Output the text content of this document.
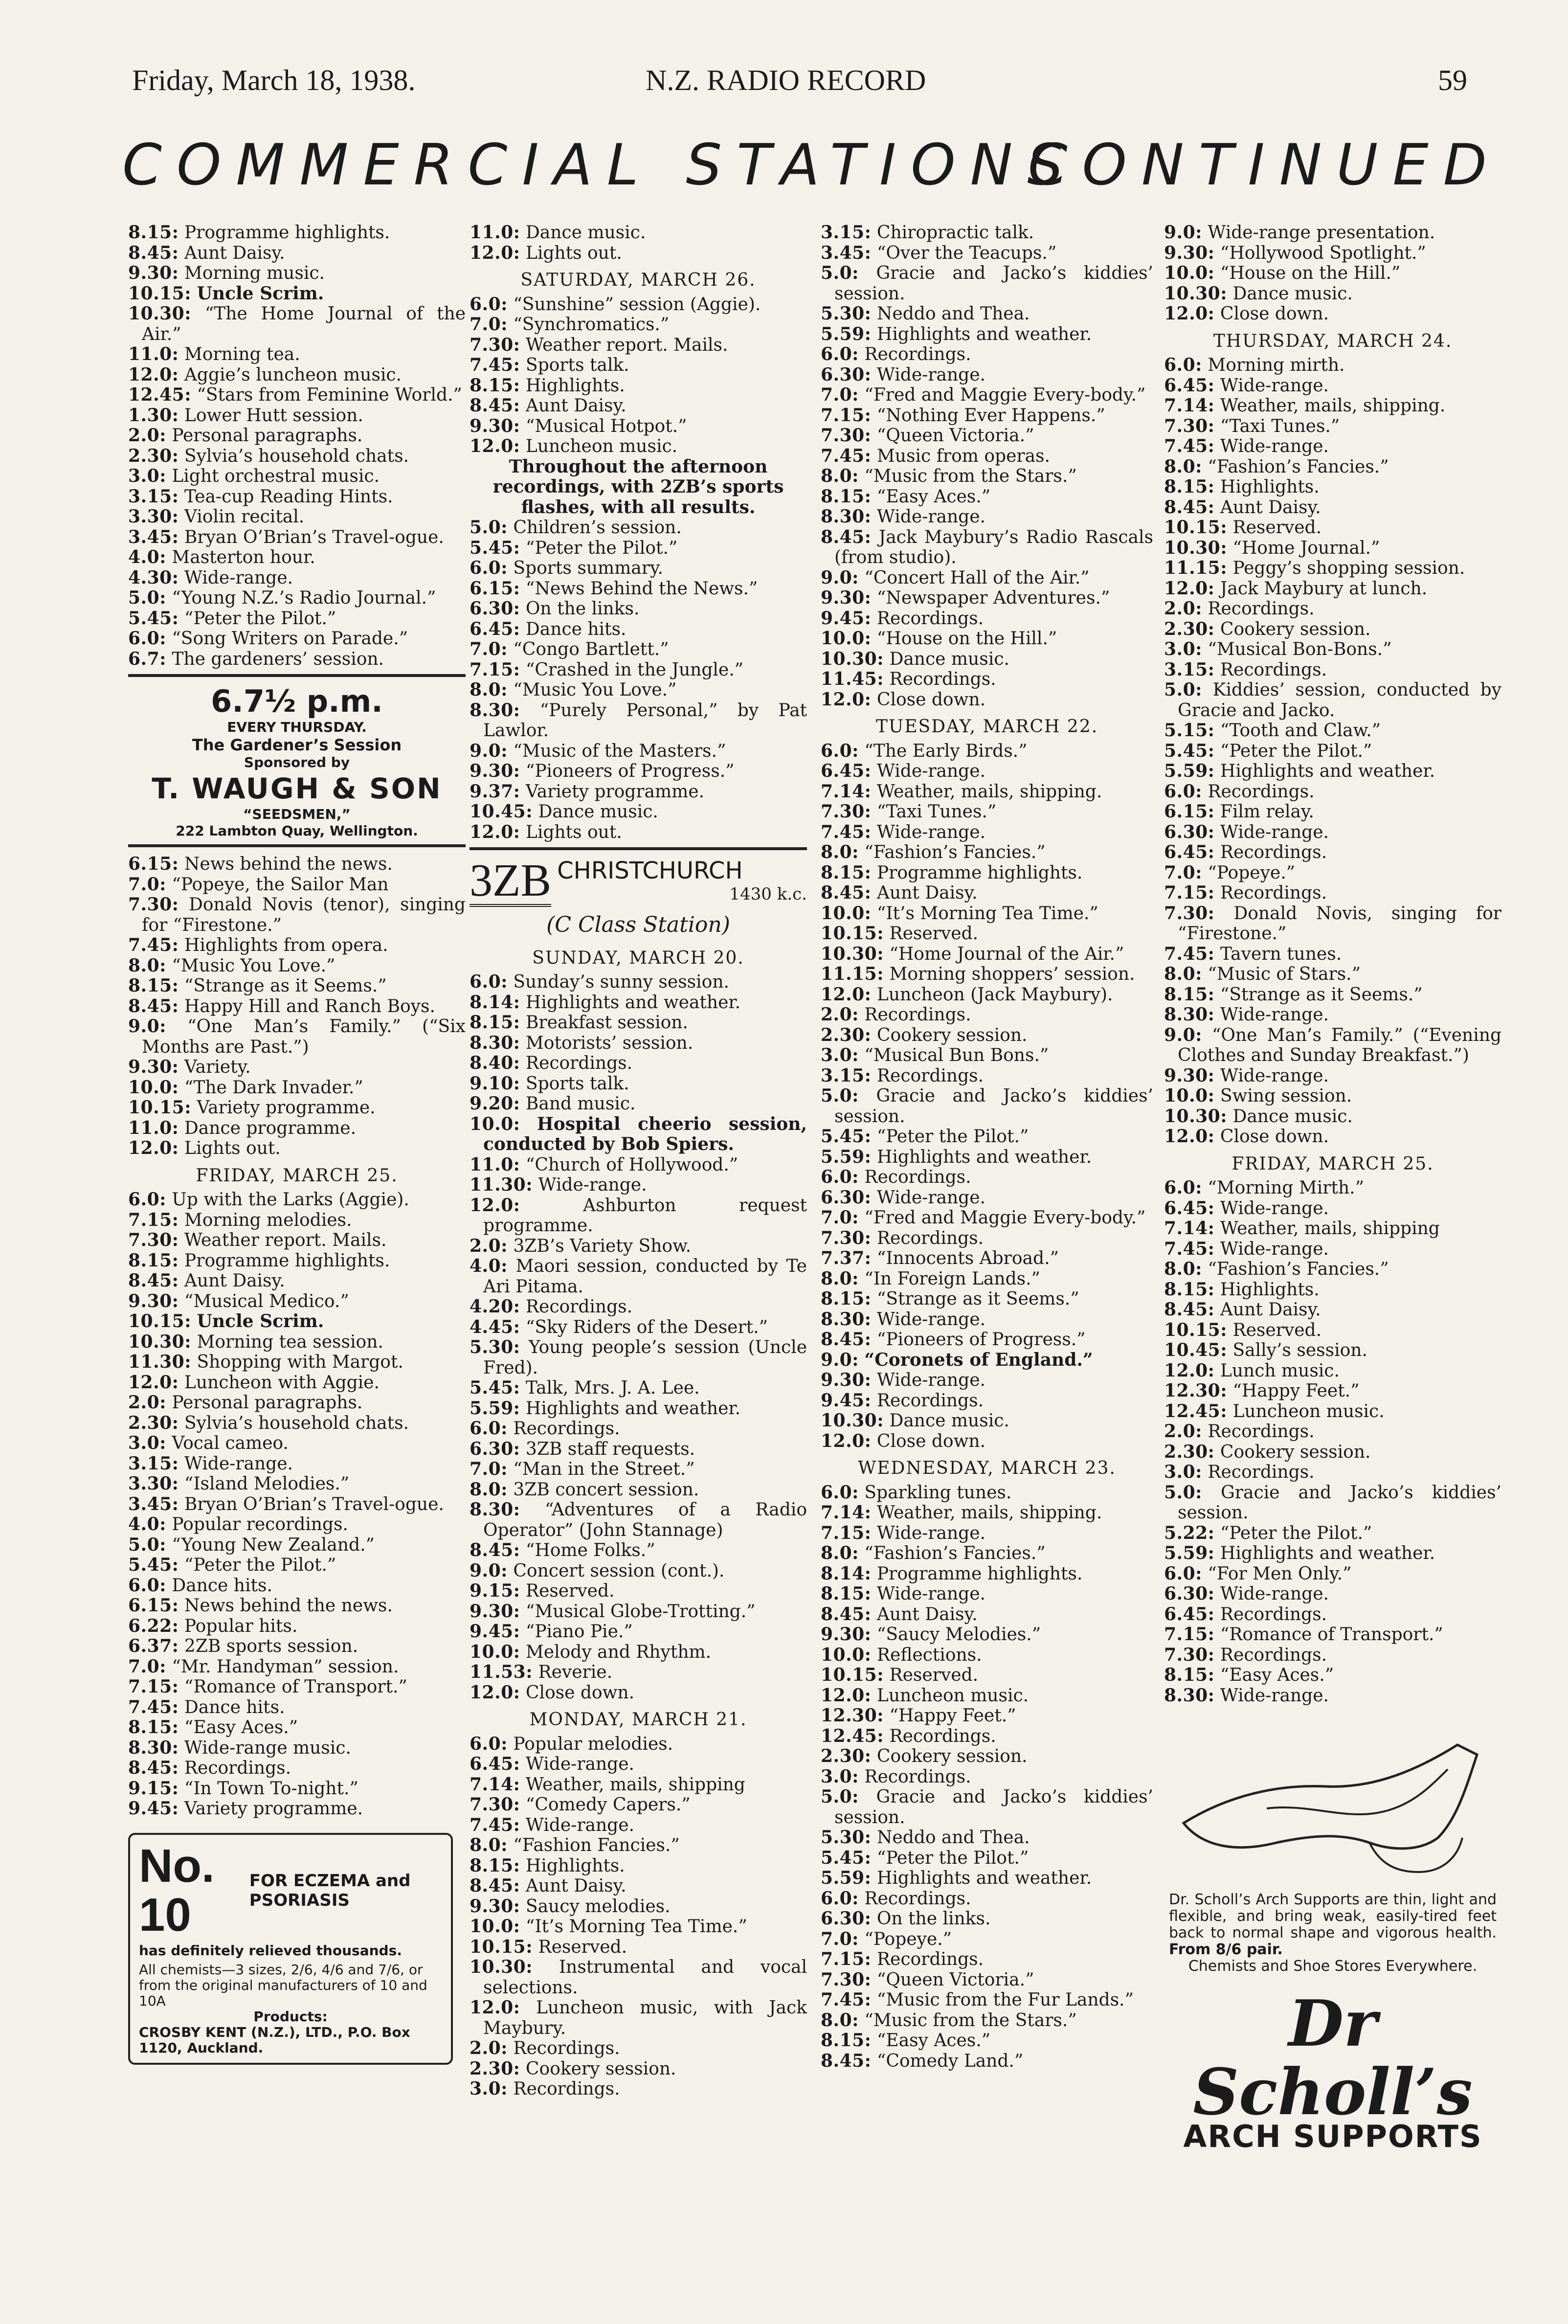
Friday, March 18, 1938.	N.Z. RADIO RECORD	59
COMMERCIAL STATIONS
CONTINUED
8.15: Programme highlights.
8.45: Aunt Daisy.
9.30: Morning music.
10.15: Uncle Scrim.
10.30: “The Home Journal of the Air.”
11.0: Morning tea.
12.0: Aggie’s luncheon music.
12.45: “Stars from Feminine World.”
1.30: Lower Hutt session.
2.0: Personal paragraphs.
2.30: Sylvia’s household chats.
3.0: Light orchestral music.
3.15: Tea-cup Reading Hints.
3.30: Violin recital.
3.45: Bryan O’Brian’s Travel-ogue.
4.0: Masterton hour.
4.30: Wide-range.
5.0: “Young N.Z.’s Radio Journal.”
5.45: “Peter the Pilot.”
6.0: “Song Writers on Parade.”
6.7: The gardeners’ session.
6.7½ p.m.
EVERY THURSDAY.
The Gardener’s Session
Sponsored by
T. WAUGH & SON
“SEEDSMEN,”
222 Lambton Quay, Wellington.
6.15: News behind the news.
7.0: “Popeye, the Sailor Man
7.30: Donald Novis (tenor), singing for “Firestone.”
7.45: Highlights from opera.
8.0: “Music You Love.”
8.15: “Strange as it Seems.”
8.45: Happy Hill and Ranch Boys.
9.0: “One Man’s Family.” (“Six Months are Past.”)
9.30: Variety.
10.0: “The Dark Invader.”
10.15: Variety programme.
11.0: Dance programme.
12.0: Lights out.
FRIDAY, MARCH 25.
6.0: Up with the Larks (Aggie).
7.15: Morning melodies.
7.30: Weather report. Mails.
8.15: Programme highlights.
8.45: Aunt Daisy.
9.30: “Musical Medico.”
10.15: Uncle Scrim.
10.30: Morning tea session.
11.30: Shopping with Margot.
12.0: Luncheon with Aggie.
2.0: Personal paragraphs.
2.30: Sylvia’s household chats.
3.0: Vocal cameo.
3.15: Wide-range.
3.30: “Island Melodies.”
3.45: Bryan O’Brian’s Travel-ogue.
4.0: Popular recordings.
5.0: “Young New Zealand.”
5.45: “Peter the Pilot.”
6.0: Dance hits.
6.15: News behind the news.
6.22: Popular hits.
6.37: 2ZB sports session.
7.0: “Mr. Handyman” session.
7.15: “Romance of Transport.”
7.45: Dance hits.
8.15: “Easy Aces.”
8.30: Wide-range music.
8.45: Recordings.
9.15: “In Town To-night.”
9.45: Variety programme.
No. 10
FOR ECZEMA and PSORIASIS
has definitely relieved thousands.
All chemists—3 sizes, 2/6, 4/6 and 7/6, or from the original manufacturers of 10 and 10A
Products:
CROSBY KENT (N.Z.), LTD., P.O. Box 1120, Auckland.
11.0: Dance music.
12.0: Lights out.
SATURDAY, MARCH 26.
6.0: “Sunshine” session (Aggie).
7.0: “Synchromatics.”
7.30: Weather report. Mails.
7.45: Sports talk.
8.15: Highlights.
8.45: Aunt Daisy.
9.30: “Musical Hotpot.”
12.0: Luncheon music.
Throughout the afternoon recordings, with 2ZB’s sports flashes, with all results.
5.0: Children’s session.
5.45: “Peter the Pilot.”
6.0: Sports summary.
6.15: “News Behind the News.”
6.30: On the links.
6.45: Dance hits.
7.0: “Congo Bartlett.”
7.15: “Crashed in the Jungle.”
8.0: “Music You Love.”
8.30: “Purely Personal,” by Pat Lawlor.
9.0: “Music of the Masters.”
9.30: “Pioneers of Progress.”
9.37: Variety programme.
10.45: Dance music.
12.0: Lights out.
3ZB CHRISTCHURCH
1430 k.c.
(C Class Station)
SUNDAY, MARCH 20.
6.0: Sunday’s sunny session.
8.14: Highlights and weather.
8.15: Breakfast session.
8.30: Motorists’ session.
8.40: Recordings.
9.10: Sports talk.
9.20: Band music.
10.0: Hospital cheerio session, conducted by Bob Spiers.
11.0: “Church of Hollywood.”
11.30: Wide-range.
12.0:	Ashburton request programme.
2.0: 3ZB’s Variety Show.
4.0: Maori session, conducted by Te Ari Pitama.
4.20: Recordings.
4.45: “Sky Riders of the Desert.”
5.30: Young people’s session (Uncle Fred).
5.45: Talk, Mrs. J. A. Lee.
5.59: Highlights and weather.
6.0: Recordings.
6.30: 3ZB staff requests.
7.0: “Man in the Street.”
8.0: 3ZB concert session.
8.30: “Adventures of a Radio Operator” (John Stannage)
8.45: “Home Folks.”
9.0: Concert session (cont.).
9.15: Reserved.
9.30: “Musical Globe-Trotting.”
9.45: “Piano Pie.”
10.0: Melody and Rhythm.
11.53: Reverie.
12.0: Close down.
MONDAY, MARCH 21.
6.0: Popular melodies.
6.45: Wide-range.
7.14: Weather, mails, shipping
7.30: “Comedy Capers.”
7.45: Wide-range.
8.0: “Fashion Fancies.”
8.15: Highlights.
8.45: Aunt Daisy.
9.30: Saucy melodies.
10.0: “It’s Morning Tea Time.”
10.15: Reserved.
10.30: Instrumental and vocal selections.
12.0: Luncheon music, with Jack Maybury.
2.0: Recordings.
2.30: Cookery session.
3.0: Recordings.
3.15: Chiropractic talk.
3.45: “Over the Teacups.”
5.0: Gracie and Jacko’s kiddies’ session.
5.30: Neddo and Thea.
5.59: Highlights and weather.
6.0: Recordings.
6.30: Wide-range.
7.0: “Fred and Maggie Every-body.”
7.15: “Nothing Ever Happens.”
7.30: “Queen Victoria.”
7.45: Music from operas.
8.0: “Music from the Stars.”
8.15: “Easy Aces.”
8.30: Wide-range.
8.45: Jack Maybury’s Radio Rascals (from studio).
9.0: “Concert Hall of the Air.”
9.30: “Newspaper Adventures.”
9.45: Recordings.
10.0: “House on the Hill.”
10.30: Dance music.
11.45: Recordings.
12.0: Close down.
TUESDAY, MARCH 22.
6.0: “The Early Birds.”
6.45: Wide-range.
7.14: Weather, mails, shipping.
7.30: “Taxi Tunes.”
7.45: Wide-range.
8.0: “Fashion’s Fancies.”
8.15: Programme highlights.
8.45: Aunt Daisy.
10.0: “It’s Morning Tea Time.”
10.15: Reserved.
10.30: “Home Journal of the Air.”
11.15: Morning shoppers’ session.
12.0: Luncheon (Jack Maybury).
2.0: Recordings.
2.30: Cookery session.
3.0: “Musical Bun Bons.”
3.15: Recordings.
5.0: Gracie and Jacko’s kiddies’ session.
5.45: “Peter the Pilot.”
5.59: Highlights and weather.
6.0: Recordings.
6.30: Wide-range.
7.0: “Fred and Maggie Every-body.”
7.30: Recordings.
7.37: “Innocents Abroad.”
8.0: “In Foreign Lands.”
8.15: “Strange as it Seems.”
8.30: Wide-range.
8.45: “Pioneers of Progress.”
9.0: “Coronets of England.”
9.30: Wide-range.
9.45: Recordings.
10.30: Dance music.
12.0: Close down.
WEDNESDAY, MARCH 23.
6.0: Sparkling tunes.
7.14: Weather, mails, shipping.
7.15: Wide-range.
8.0: “Fashion’s Fancies.”
8.14: Programme highlights.
8.15: Wide-range.
8.45: Aunt Daisy.
9.30: “Saucy Melodies.”
10.0: Reflections.
10.15: Reserved.
12.0: Luncheon music.
12.30: “Happy Feet.”
12.45: Recordings.
2.30: Cookery session.
3.0: Recordings.
5.0: Gracie and Jacko’s kiddies’ session.
5.30: Neddo and Thea.
5.45: “Peter the Pilot.”
5.59: Highlights and weather.
6.0: Recordings.
6.30: On the links.
7.0: “Popeye.”
7.15: Recordings.
7.30: “Queen Victoria.”
7.45: “Music from the Fur Lands.”
8.0: “Music from the Stars.”
8.15: “Easy Aces.”
8.45: “Comedy Land.”
9.0: Wide-range presentation.
9.30: “Hollywood Spotlight.”
10.0: “House on the Hill.”
10.30: Dance music.
12.0: Close down.
THURSDAY, MARCH 24.
6.0: Morning mirth.
6.45: Wide-range.
7.14: Weather, mails, shipping.
7.30: “Taxi Tunes.”
7.45: Wide-range.
8.0: “Fashion’s Fancies.”
8.15: Highlights.
8.45: Aunt Daisy.
10.15: Reserved.
10.30: “Home Journal.”
11.15: Peggy’s shopping session.
12.0: Jack Maybury at lunch.
2.0: Recordings.
2.30: Cookery session.
3.0: “Musical Bon-Bons.”
3.15: Recordings.
5.0: Kiddies’ session, conducted by Gracie and Jacko.
5.15: “Tooth and Claw.”
5.45: “Peter the Pilot.”
5.59: Highlights and weather.
6.0: Recordings.
6.15: Film relay.
6.30: Wide-range.
6.45: Recordings.
7.0: “Popeye.”
7.15: Recordings.
7.30: Donald Novis, singing for “Firestone.”
7.45: Tavern tunes.
8.0: “Music of Stars.”
8.15: “Strange as it Seems.”
8.30: Wide-range.
9.0: “One Man’s Family.” (“Evening Clothes and Sunday Breakfast.”)
9.30: Wide-range.
10.0: Swing session.
10.30: Dance music.
12.0: Close down.
FRIDAY, MARCH 25.
6.0: “Morning Mirth.”
6.45: Wide-range.
7.14: Weather, mails, shipping
7.45: Wide-range.
8.0: “Fashion’s Fancies.”
8.15: Highlights.
8.45: Aunt Daisy.
10.15: Reserved.
10.45: Sally’s session.
12.0: Lunch music.
12.30: “Happy Feet.”
12.45: Luncheon music.
2.0: Recordings.
2.30: Cookery session.
3.0: Recordings.
5.0: Gracie and Jacko’s kiddies’ session.
5.22: “Peter the Pilot.”
5.59: Highlights and weather.
6.0: “For Men Only.”
6.30: Wide-range.
6.45: Recordings.
7.15: “Romance of Transport.”
7.30: Recordings.
8.15: “Easy Aces.”
8.30: Wide-range.
Dr. Scholl’s Arch Supports are thin, light and flexible, and bring weak, easily-tired feet back to normal shape and vigorous health. From 8/6 pair.
Chemists and Shoe Stores Everywhere.
Dr Scholl’s
ARCH SUPPORTS
